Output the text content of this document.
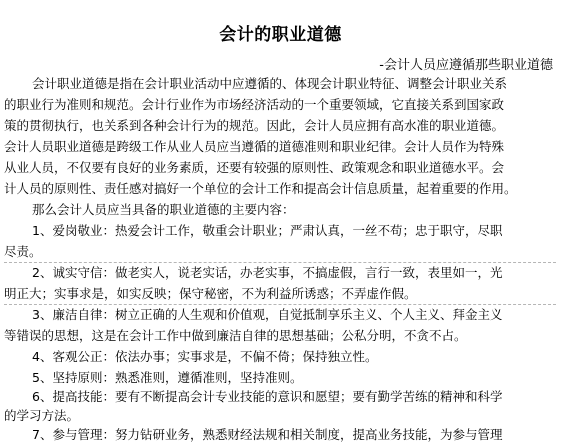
会计的职业道德
-会计人员应遵循那些职业道德
会计职业道德是指在会计职业活动中应遵循的、体现会计职业特征、调整会计职业关系
的职业行为准则和规范。会计行业作为市场经济活动的一个重要领域，它直接关系到国家政
策的贯彻执行，也关系到各种会计行为的规范。因此，会计人员应拥有高水准的职业道德。
会计人员职业道德是跨级工作从业人员应当遵循的道德准则和职业纪律。会计人员作为特殊
从业人员，不仅要有良好的业务素质，还要有较强的原则性、政策观念和职业道德水平。会
计人员的原则性、责任感对搞好一个单位的会计工作和提高会计信息质量，起着重要的作用。
那么会计人员应当具备的职业道德的主要内容：
1、爱岗敬业：热爱会计工作，敬重会计职业；严肃认真，一丝不苟；忠于职守，尽职
尽责。
2、诚实守信：做老实人，说老实话，办老实事，不搞虚假，言行一致，表里如一，光
明正大；实事求是，如实反映；保守秘密，不为利益所诱惑；不弄虚作假。
3、廉洁自律：树立正确的人生观和价值观，自觉抵制享乐主义、个人主义、拜金主义
等错误的思想，这是在会计工作中做到廉洁自律的思想基础；公私分明，不贪不占。
4、客观公正：依法办事；实事求是，不偏不倚；保持独立性。
5、坚持原则：熟悉准则，遵循准则，坚持准则。
6、提高技能：要有不断提高会计专业技能的意识和愿望；要有勤学苦练的精神和科学
的学习方法。
7、参与管理：努力钻研业务，熟悉财经法规和相关制度，提高业务技能，为参与管理
